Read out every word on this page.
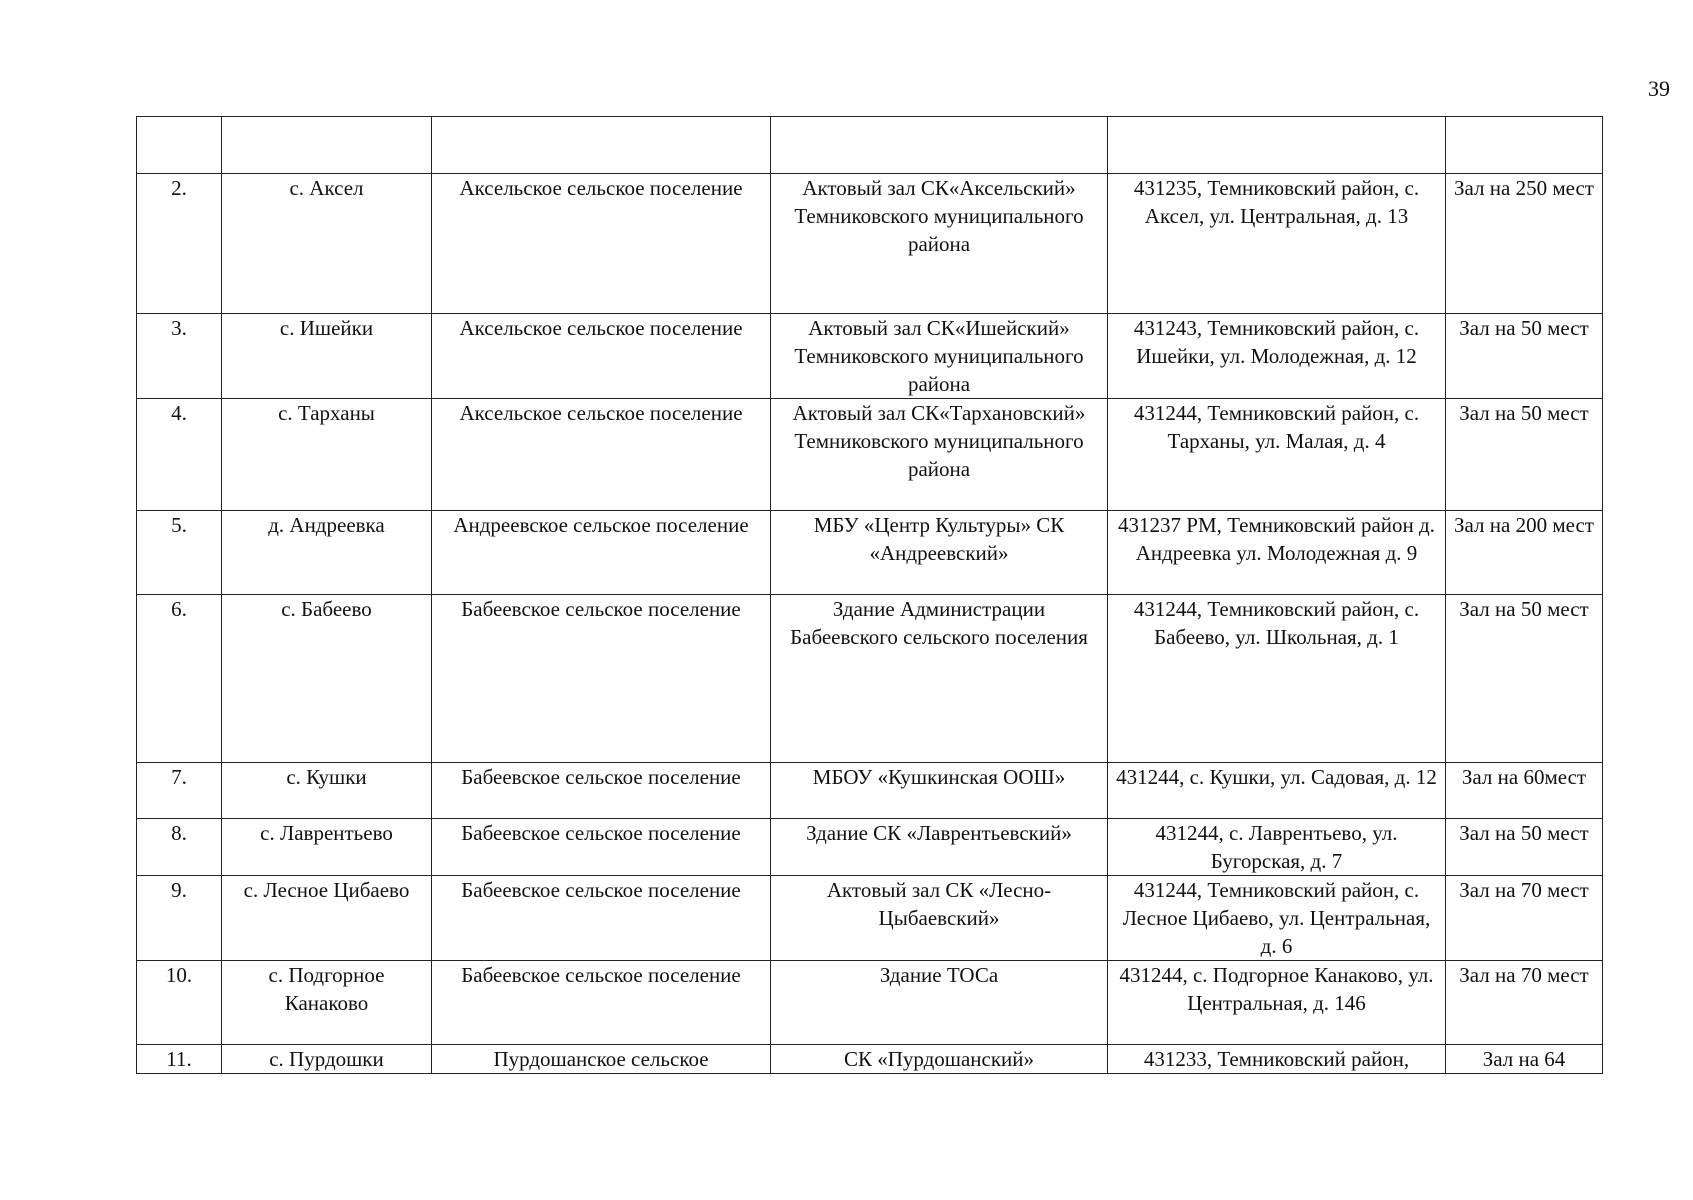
39

2.	с. Аксел	Аксельское сельское поселение	Актовый зал СК«Аксельский» Темниковского муниципального района	431235, Темниковский район, с. Аксел, ул. Центральная, д. 13	Зал на 250 мест
3.	с. Ишейки	Аксельское сельское поселение	Актовый зал СК«Ишейский» Темниковского муниципального района	431243, Темниковский район, с. Ишейки, ул. Молодежная, д. 12	Зал на 50 мест
4.	с. Тарханы	Аксельское сельское поселение	Актовый зал СК«Тархановский» Темниковского муниципального района	431244, Темниковский район, с. Тарханы, ул. Малая, д. 4	Зал на 50 мест
5.	д. Андреевка	Андреевское сельское поселение	МБУ «Центр Культуры» СК «Андреевский»	431237 РМ, Темниковский район д. Андреевка ул. Молодежная д. 9	Зал на 200 мест
6.	с. Бабеево	Бабеевское сельское поселение	Здание Администрации Бабеевского сельского поселения	431244, Темниковский район, с. Бабеево, ул. Школьная, д. 1	Зал на 50 мест
7.	с. Кушки	Бабеевское сельское поселение	МБОУ «Кушкинская ООШ»	431244, с. Кушки, ул. Садовая, д. 12	Зал на 60мест
8.	с. Лаврентьево	Бабеевское сельское поселение	Здание СК «Лаврентьевский»	431244, с. Лаврентьево, ул. Бугорская, д. 7	Зал на 50 мест
9.	с. Лесное Цибаево	Бабеевское сельское поселение	Актовый зал СК «Лесно-Цыбаевский»	431244, Темниковский район, с. Лесное Цибаево, ул. Центральная, д. 6	Зал на 70 мест
10.	с. Подгорное Канаково	Бабеевское сельское поселение	Здание ТОСа	431244, с. Подгорное Канаково, ул. Центральная, д. 146	Зал на 70 мест
11.	с. Пурдошки	Пурдошанское сельское	СК «Пурдошанский»	431233, Темниковский район,	Зал на 64
